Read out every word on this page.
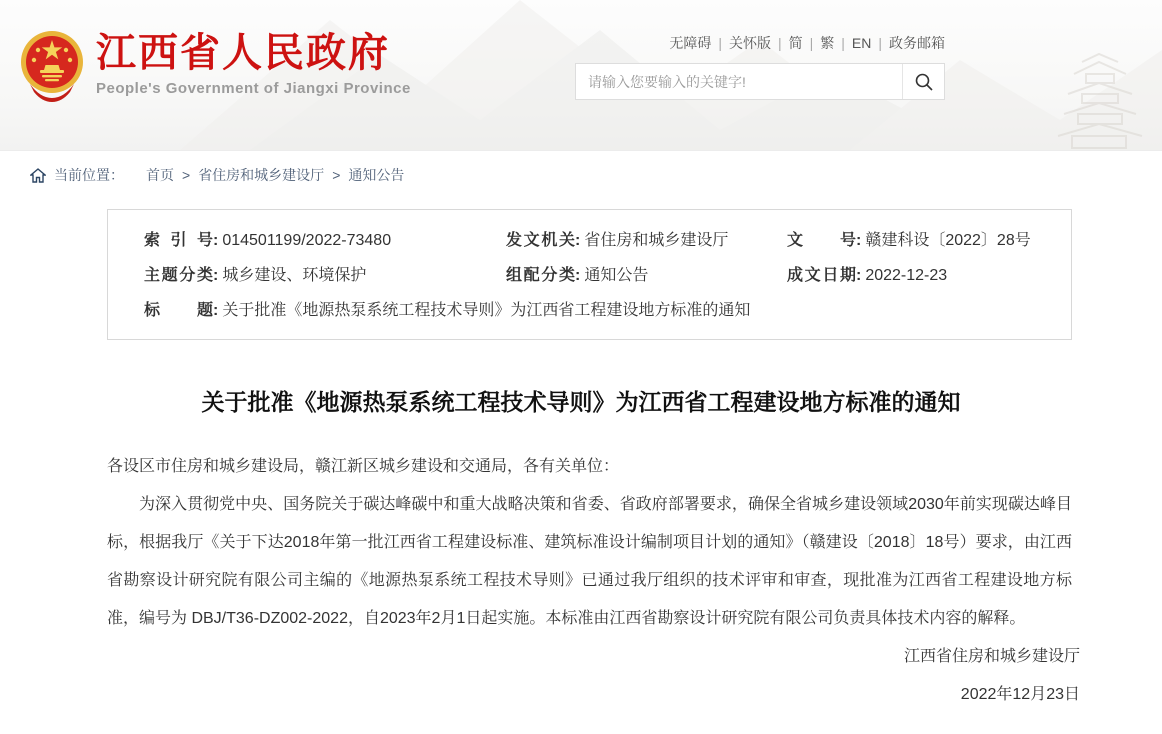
江西省人民政府
People's Government of Jiangxi Province
无障碍 | 关怀版 | 简 | 繁 | EN | 政务邮箱
请输入您要输入的关键字!
当前位置： 首页 > 省住房和城乡建设厅 > 通知公告
索引号: 014501199/2022-73480	发文机关: 省住房和城乡建设厅	文号: 赣建科设〔2022〕28号
主题分类: 城乡建设、环境保护	组配分类: 通知公告	成文日期: 2022-12-23
标题: 关于批准《地源热泵系统工程技术导则》为江西省工程建设地方标准的通知
关于批准《地源热泵系统工程技术导则》为江西省工程建设地方标准的通知

各设区市住房和城乡建设局，赣江新区城乡建设和交通局，各有关单位：

为深入贯彻党中央、国务院关于碳达峰碳中和重大战略决策和省委、省政府部署要求，确保全省城乡建设领域2030年前实现碳达峰目标，根据我厅《关于下达2018年第一批江西省工程建设标准、建筑标准设计编制项目计划的通知》（赣建设〔2018〕18号）要求，由江西省勘察设计研究院有限公司主编的《地源热泵系统工程技术导则》已通过我厅组织的技术评审和审查，现批准为江西省工程建设地方标准，编号为 DBJ/T36-DZ002-2022，自2023年2月1日起实施。本标准由江西省勘察设计研究院有限公司负责具体技术内容的解释。

江西省住房和城乡建设厅

2022年12月23日
